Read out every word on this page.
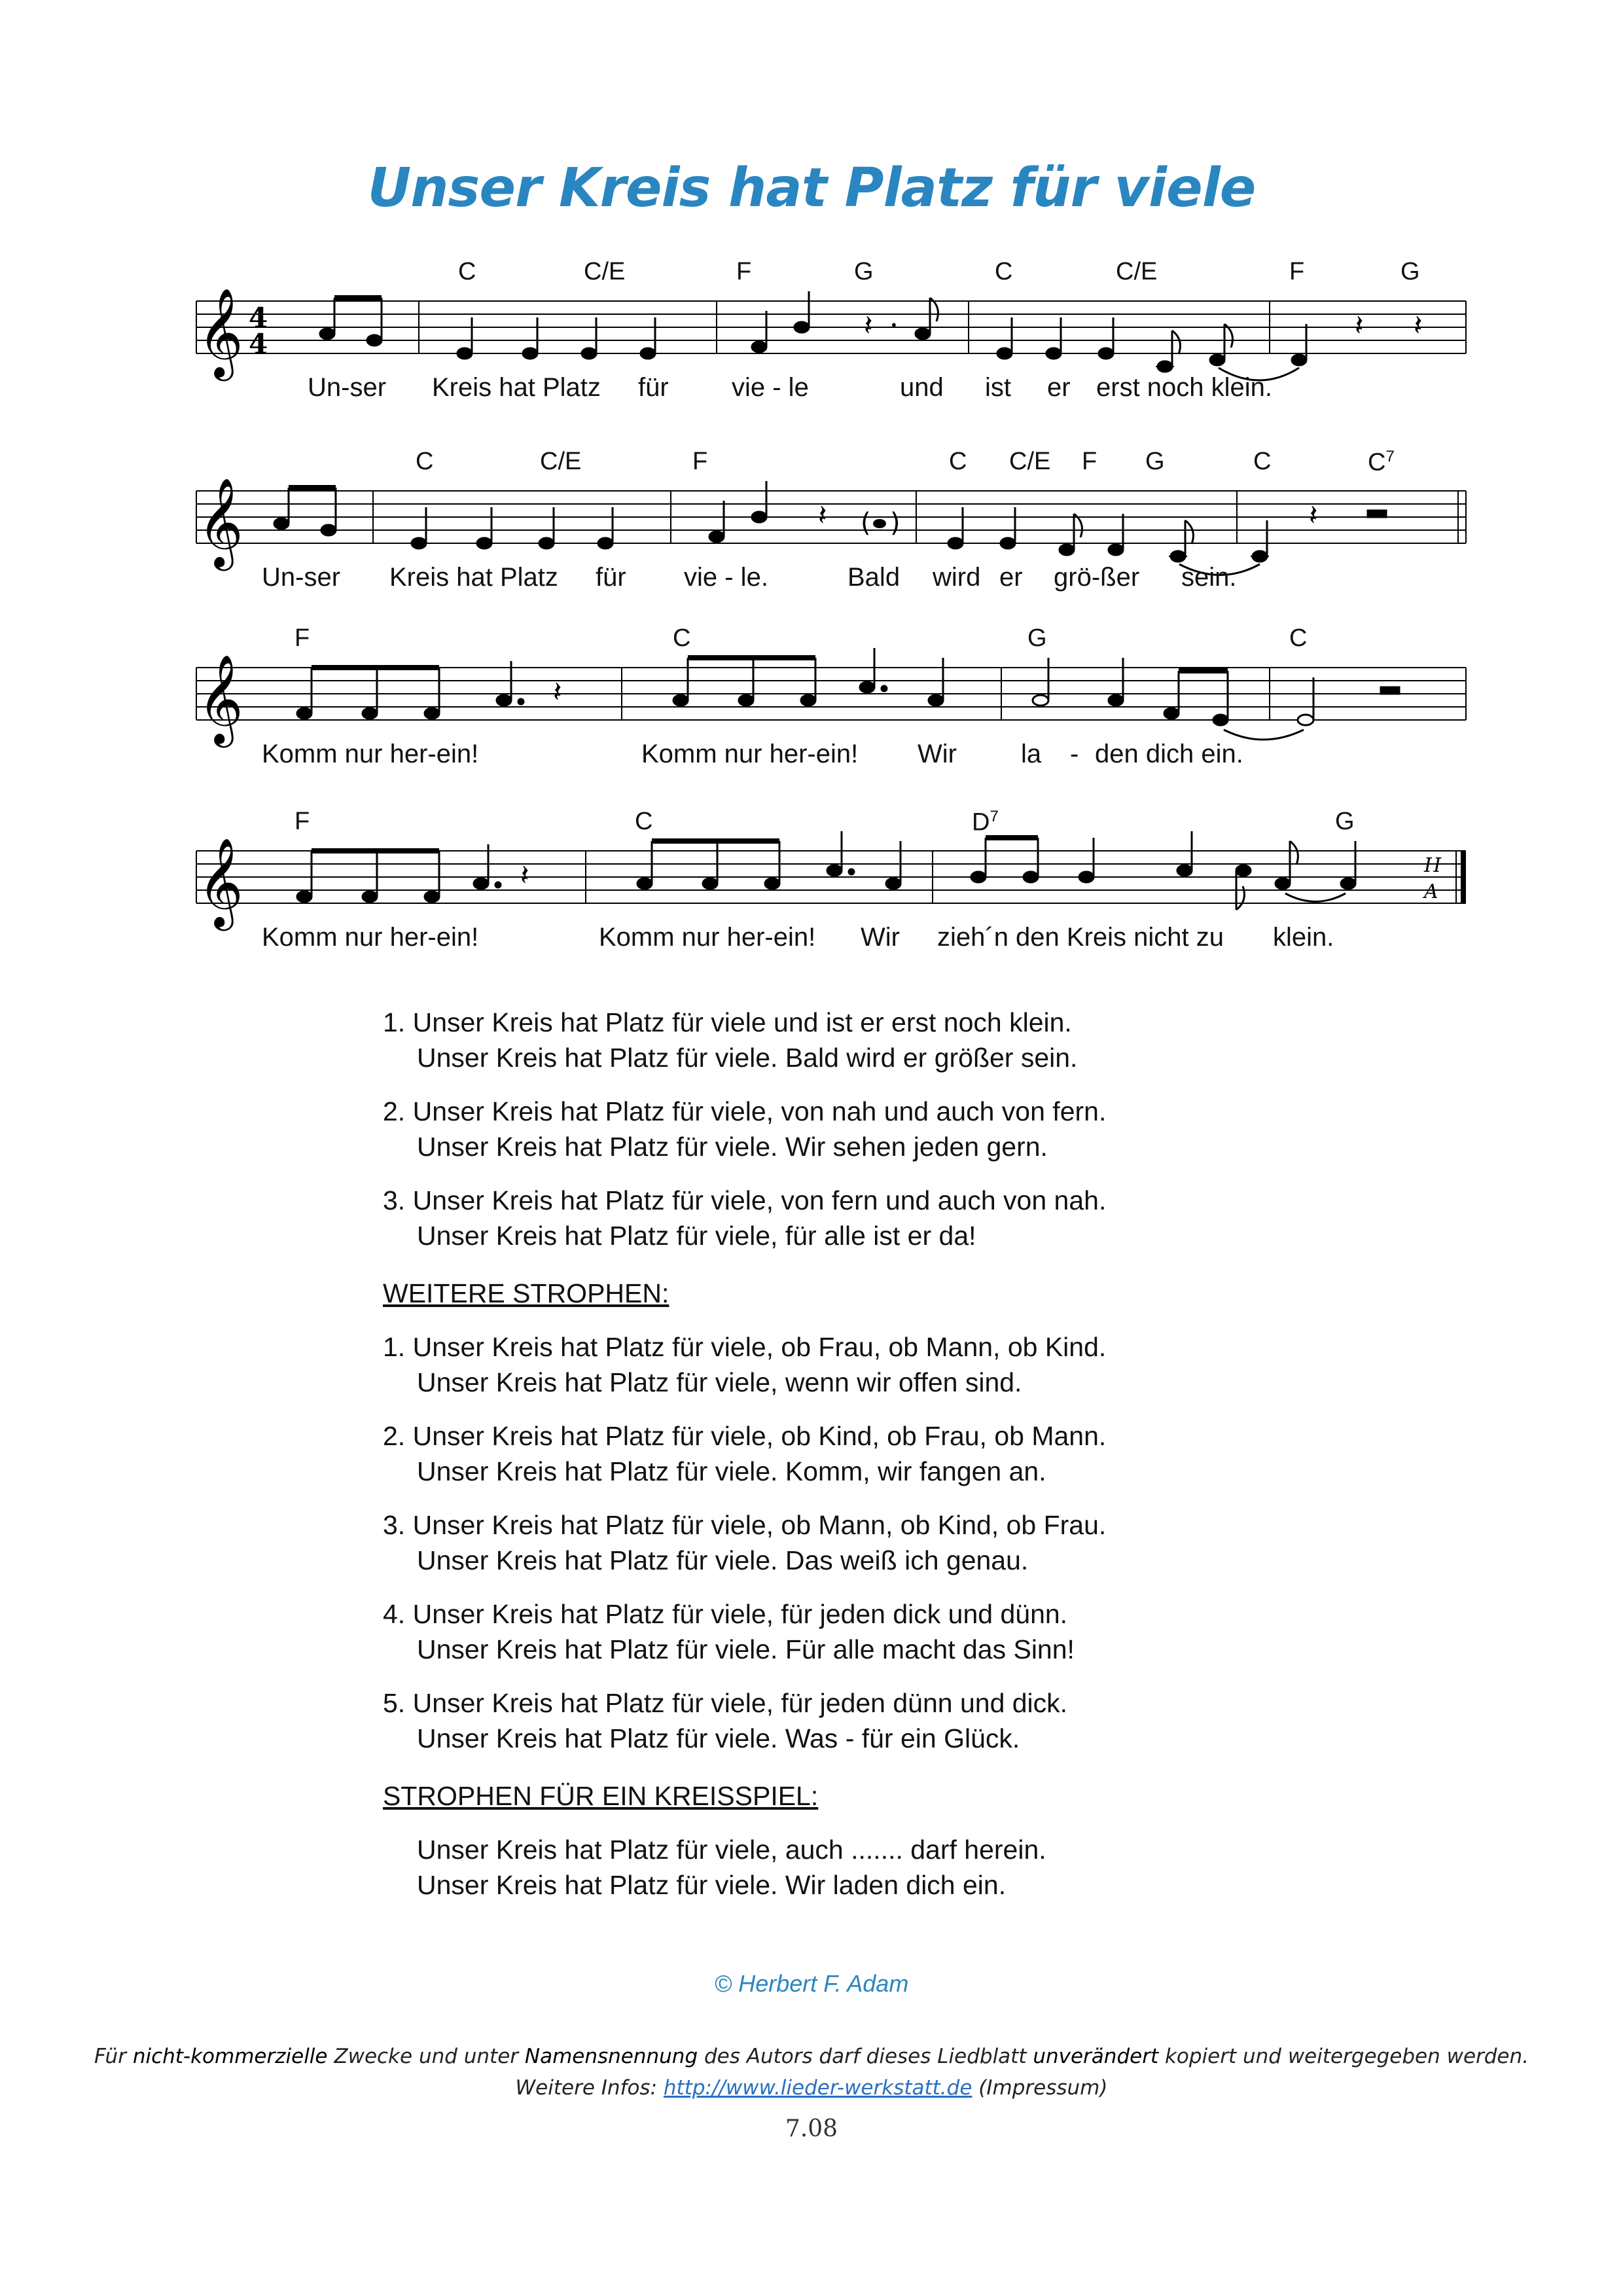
Unser Kreis hat Platz für viele
𝄞 4
4
𝄽 •	𝄽 𝄽
C	C/E	F	G	C	C/E	F	G
Un-ser Kreis hat Platz für vie - le	und ist er erst noch klein.
𝄞	𝄽	𝄽
( )
C	C/E	F	C C/E F G	C	$C^7$
Un-ser Kreis hat Platz für vie - le.	Bald wird er grö-ßer sein.
𝄞	𝄽
F	C	G	C
Komm nur her-ein!	Komm nur her-ein! Wir la - den dich ein.
𝄞	𝄽	H
A
F	C	$D^7$	G
Komm nur her-ein!	Komm nur her-ein! Wir zieh´n den Kreis nicht zu klein.
1. Unser Kreis hat Platz für viele und ist er erst noch klein.
Unser Kreis hat Platz für viele. Bald wird er größer sein.
2. Unser Kreis hat Platz für viele, von nah und auch von fern.
Unser Kreis hat Platz für viele. Wir sehen jeden gern.
3. Unser Kreis hat Platz für viele, von fern und auch von nah.
Unser Kreis hat Platz für viele, für alle ist er da!
WEITERE STROPHEN:
1. Unser Kreis hat Platz für viele, ob Frau, ob Mann, ob Kind.
Unser Kreis hat Platz für viele, wenn wir offen sind.
2. Unser Kreis hat Platz für viele, ob Kind, ob Frau, ob Mann.
Unser Kreis hat Platz für viele. Komm, wir fangen an.
3. Unser Kreis hat Platz für viele, ob Mann, ob Kind, ob Frau.
Unser Kreis hat Platz für viele. Das weiß ich genau.
4. Unser Kreis hat Platz für viele, für jeden dick und dünn.
Unser Kreis hat Platz für viele. Für alle macht das Sinn!
5. Unser Kreis hat Platz für viele, für jeden dünn und dick.
Unser Kreis hat Platz für viele. Was - für ein Glück.
STROPHEN FÜR EIN KREISSPIEL:
Unser Kreis hat Platz für viele, auch ....... darf herein.
Unser Kreis hat Platz für viele. Wir laden dich ein.
© Herbert F. Adam
Für nicht-kommerzielle Zwecke und unter Namensnennung des Autors darf dieses Liedblatt unverändert kopiert und weitergegeben werden.
Weitere Infos: http://www.lieder-werkstatt.de (Impressum)
7.08
